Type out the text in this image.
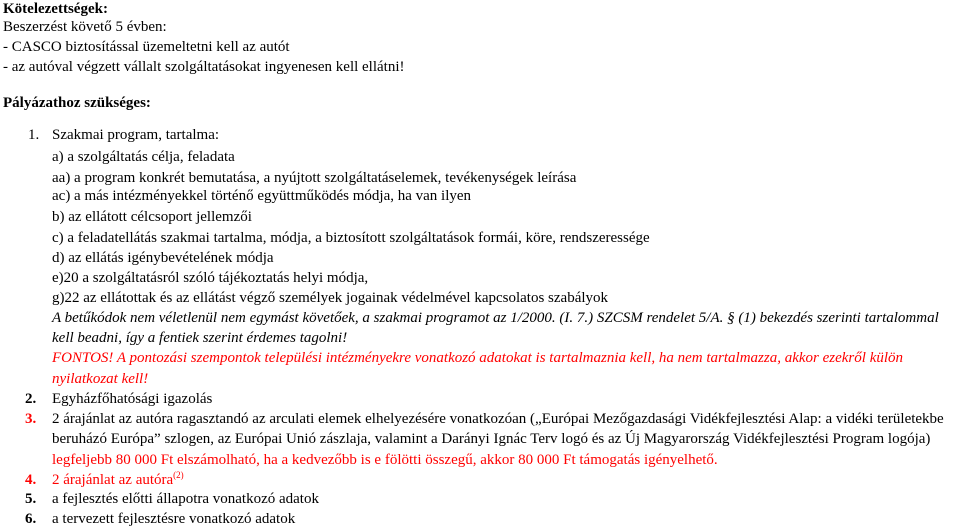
Kötelezettségek:
Beszerzést követő 5 évben:
- CASCO biztosítással üzemeltetni kell az autót
- az autóval végzett vállalt szolgáltatásokat ingyenesen kell ellátni!
Pályázathoz szükséges:
1. Szakmai program, tartalma:
a) a szolgáltatás célja, feladata
aa) a program konkrét bemutatása, a nyújtott szolgáltatáselemek, tevékenységek leírása
ac) a más intézményekkel történő együttműködés módja, ha van ilyen
b) az ellátott célcsoport jellemzői
c) a feladatellátás szakmai tartalma, módja, a biztosított szolgáltatások formái, köre, rendszeressége
d) az ellátás igénybevételének módja
e)20 a szolgáltatásról szóló tájékoztatás helyi módja,
g)22 az ellátottak és az ellátást végző személyek jogainak védelmével kapcsolatos szabályok
A betűkódok nem véletlenül nem egymást követőek, a szakmai programot az 1/2000. (I. 7.) SZCSM rendelet 5/A. § (1) bekezdés szerinti tartalommal
kell beadni, így a fentiek szerint érdemes tagolni!
FONTOS! A pontozási szempontok települési intézményekre vonatkozó adatokat is tartalmaznia kell, ha nem tartalmazza, akkor ezekről külön
nyilatkozat kell!
2. Egyházfőhatósági igazolás
3. 2 árajánlat az autóra ragasztandó az arculati elemek elhelyezésére vonatkozóan („Európai Mezőgazdasági Vidékfejlesztési Alap: a vidéki területekbe
beruházó Európa” szlogen, az Európai Unió zászlaja, valamint a Darányi Ignác Terv logó és az Új Magyarország Vidékfejlesztési Program logója)
legfeljebb 80 000 Ft elszámolható, ha a kedvezőbb is e fölötti összegű, akkor 80 000 Ft támogatás igényelhető.
4. 2 árajánlat az autóra$^{(2)}$
5. a fejlesztés előtti állapotra vonatkozó adatok
6. a tervezett fejlesztésre vonatkozó adatok
